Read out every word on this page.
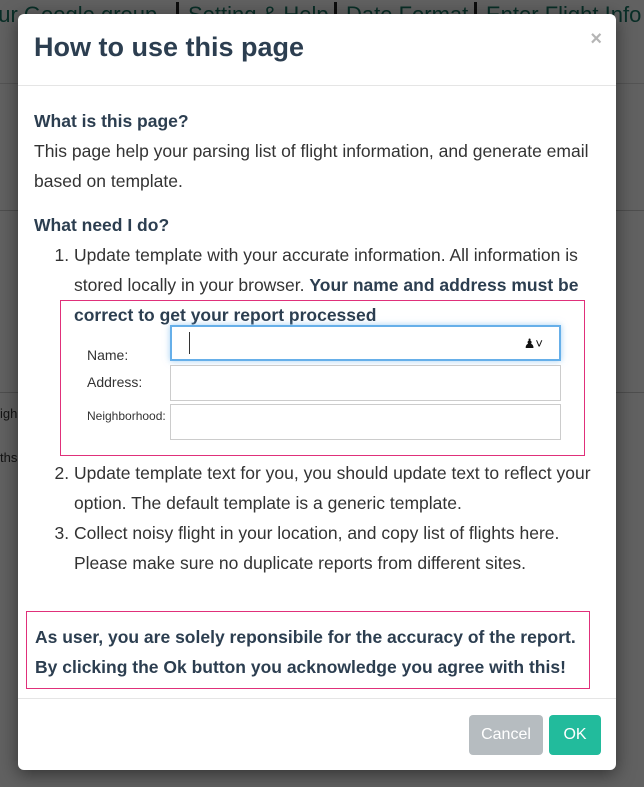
How to use this page	×
What is this page?
This page help your parsing list of flight information, and generate email based on template.
What need I do?
1. Update template with your accurate information. All information is stored locally in your browser. Your name and address must be correct to get your report processed
Name:
♟˅
Address:
Neighborhood:
2. Update template text for you, you should update text to reflect your option. The default template is a generic template.
3. Collect noisy flight in your location, and copy list of flights here. Please make sure no duplicate reports from different sites.
As user, you are solely reponsibile for the accuracy of the report. By clicking the Ok button you acknowledge you agree with this!
Cancel	OK
